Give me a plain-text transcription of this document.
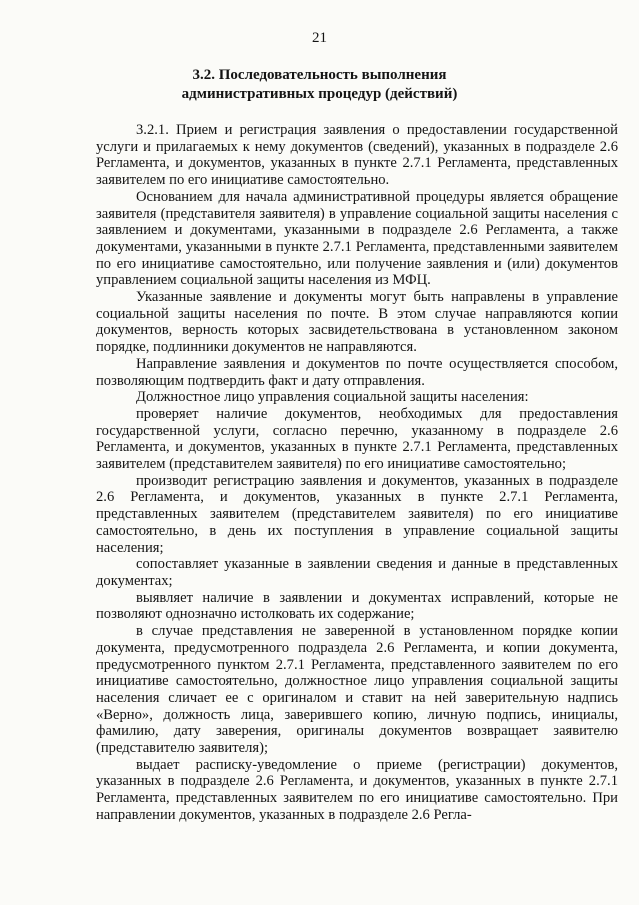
21
3.2. Последовательность выполнения
административных процедур (действий)

3.2.1. Прием и регистрация заявления о предоставлении государственной услуги и прилагаемых к нему документов (сведений), указанных в подразделе 2.6 Регламента, и документов, указанных в пункте 2.7.1 Регламента, представленных заявителем по его инициативе самостоятельно.

Основанием для начала административной процедуры является обращение заявителя (представителя заявителя) в управление социальной защиты населения с заявлением и документами, указанными в подразделе 2.6 Регламента, а также документами, указанными в пункте 2.7.1 Регламента, представленными заявителем по его инициативе самостоятельно, или получение заявления и (или) документов управлением социальной защиты населения из МФЦ.

Указанные заявление и документы могут быть направлены в управление социальной защиты населения по почте. В этом случае направляются копии документов, верность которых засвидетельствована в установленном законом порядке, подлинники документов не направляются.

Направление заявления и документов по почте осуществляется способом, позволяющим подтвердить факт и дату отправления.

Должностное лицо управления социальной защиты населения:

проверяет наличие документов, необходимых для предоставления государственной услуги, согласно перечню, указанному в подразделе 2.6 Регламента, и документов, указанных в пункте 2.7.1 Регламента, представленных заявителем (представителем заявителя) по его инициативе самостоятельно;

производит регистрацию заявления и документов, указанных в подразделе 2.6 Регламента, и документов, указанных в пункте 2.7.1 Регламента, представленных заявителем (представителем заявителя) по его инициативе самостоятельно, в день их поступления в управление социальной защиты населения;

сопоставляет указанные в заявлении сведения и данные в представленных документах;

выявляет наличие в заявлении и документах исправлений, которые не позволяют однозначно истолковать их содержание;

в случае представления не заверенной в установленном порядке копии документа, предусмотренного подраздела 2.6 Регламента, и копии документа, предусмотренного пунктом 2.7.1 Регламента, представленного заявителем по его инициативе самостоятельно, должностное лицо управления социальной защиты населения сличает ее с оригиналом и ставит на ней заверительную надпись «Верно», должность лица, заверившего копию, личную подпись, инициалы, фамилию, дату заверения, оригиналы документов возвращает заявителю (представителю заявителя);

выдает расписку-уведомление о приеме (регистрации) документов, указанных в подразделе 2.6 Регламента, и документов, указанных в пункте 2.7.1 Регламента, представленных заявителем по его инициативе самостоятельно. При направлении документов, указанных в подразделе 2.6 Регла-
